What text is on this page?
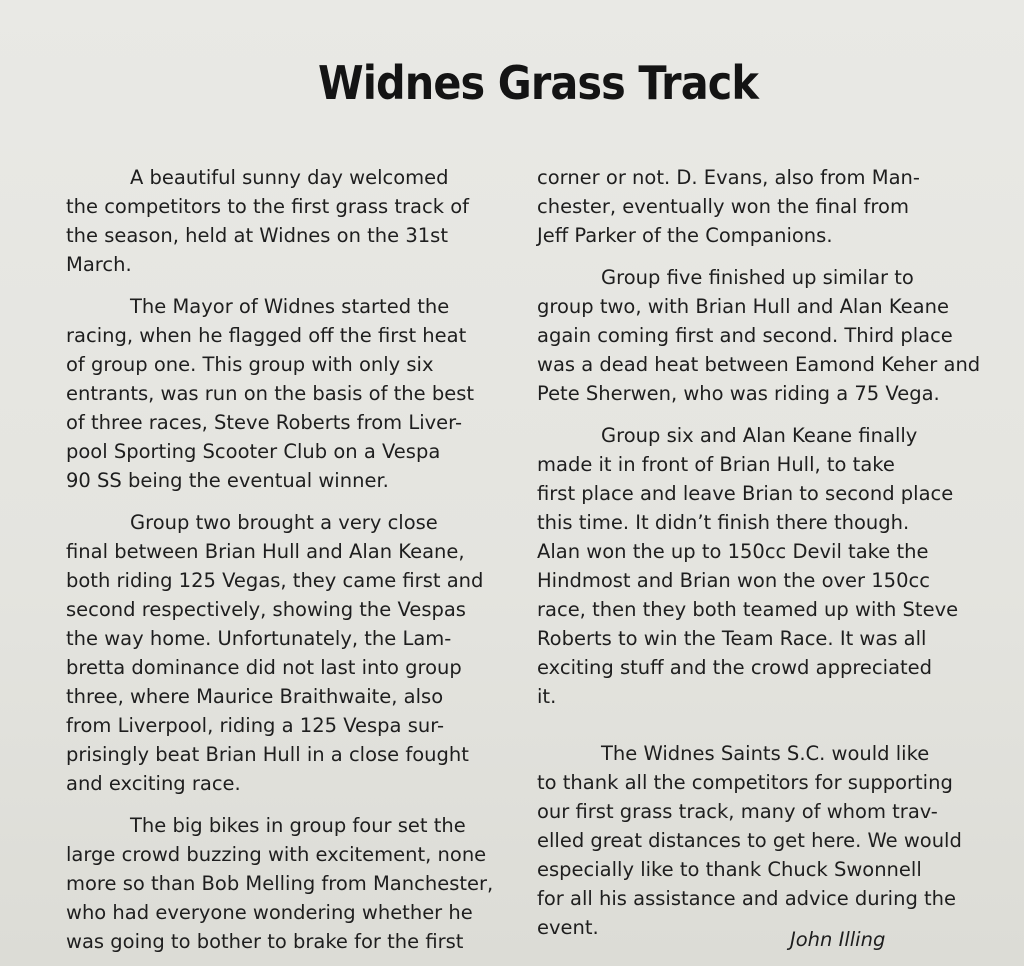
Widnes Grass Track

A beautiful sunny day welcomed
the competitors to the first grass track of
the season, held at Widnes on the 31st
March.

The Mayor of Widnes started the
racing, when he flagged off the first heat
of group one. This group with only six
entrants, was run on the basis of the best
of three races, Steve Roberts from Liver-
pool Sporting Scooter Club on a Vespa
90 SS being the eventual winner.

Group two brought a very close
final between Brian Hull and Alan Keane,
both riding 125 Vegas, they came first and
second respectively, showing the Vespas
the way home. Unfortunately, the Lam-
bretta dominance did not last into group
three, where Maurice Braithwaite, also
from Liverpool, riding a 125 Vespa sur-
prisingly beat Brian Hull in a close fought
and exciting race.

The big bikes in group four set the
large crowd buzzing with excitement, none
more so than Bob Melling from Manchester,
who had everyone wondering whether he
was going to bother to brake for the first

corner or not. D. Evans, also from Man-
chester, eventually won the final from
Jeff Parker of the Companions.

Group five finished up similar to
group two, with Brian Hull and Alan Keane
again coming first and second. Third place
was a dead heat between Eamond Keher and
Pete Sherwen, who was riding a 75 Vega.

Group six and Alan Keane finally
made it in front of Brian Hull, to take
first place and leave Brian to second place
this time. It didn’t finish there though.
Alan won the up to 150cc Devil take the
Hindmost and Brian won the over 150cc
race, then they both teamed up with Steve
Roberts to win the Team Race. It was all
exciting stuff and the crowd appreciated
it.

The Widnes Saints S.C. would like
to thank all the competitors for supporting
our first grass track, many of whom trav-
elled great distances to get here. We would
especially like to thank Chuck Swonnell
for all his assistance and advice during the
event.

John Illing
